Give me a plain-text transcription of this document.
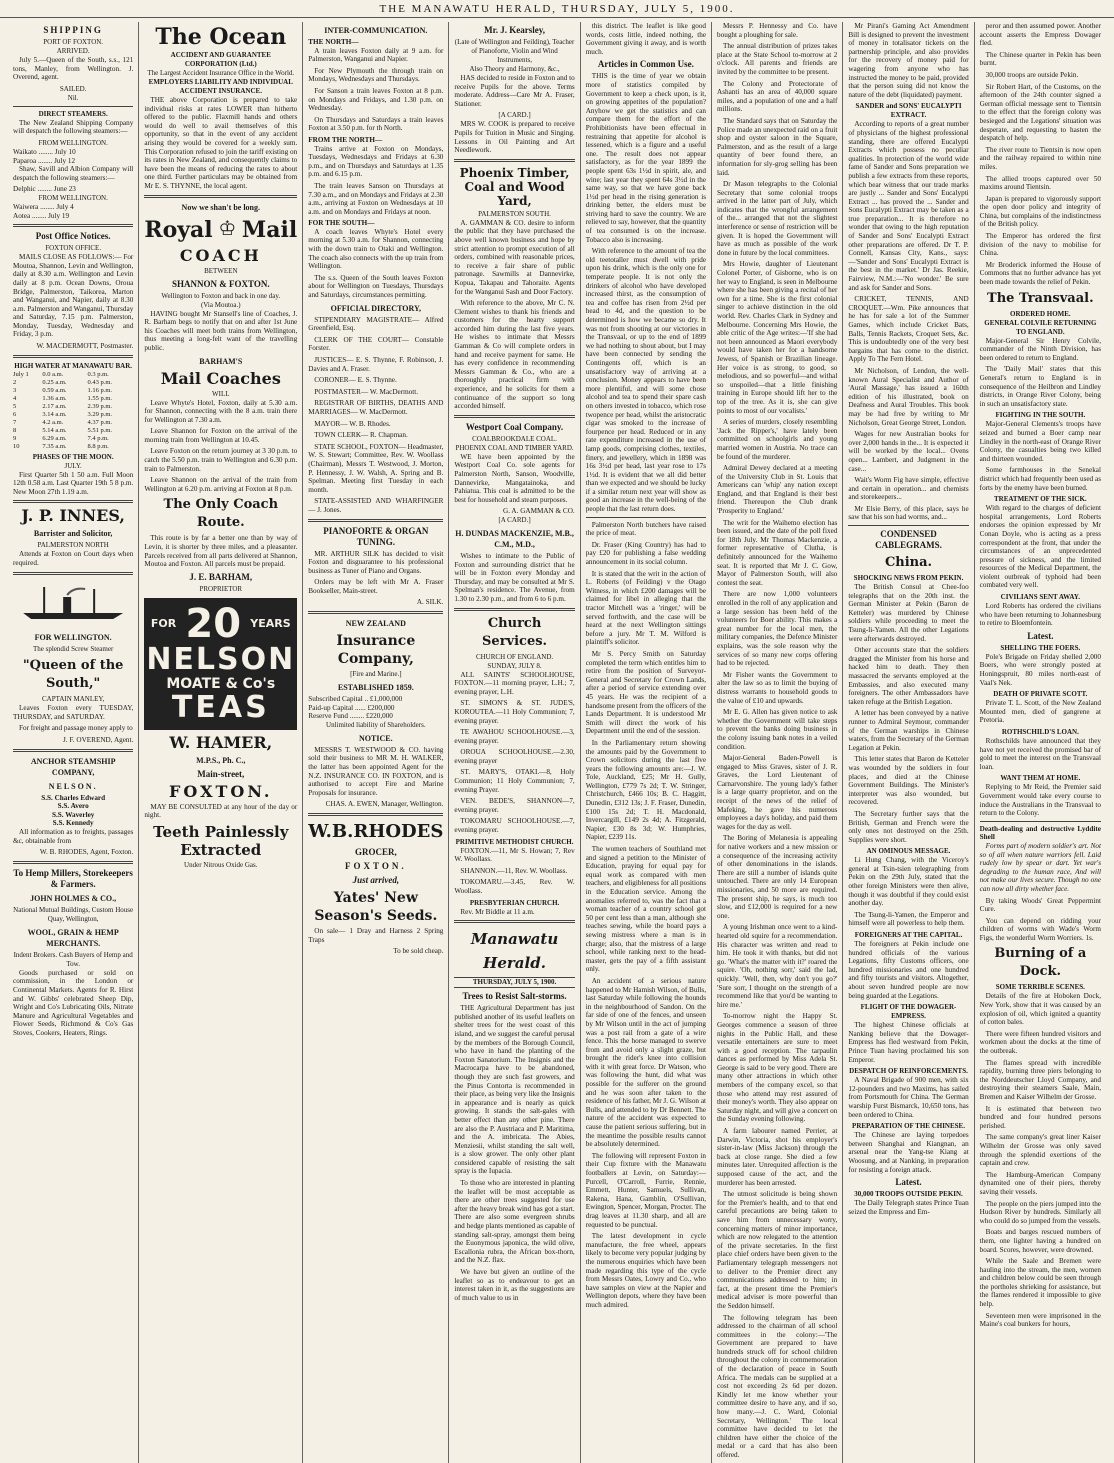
THE MANAWATU HERALD, THURSDAY, JULY 5, 1900.
SHIPPING
PORT OF FOXTON.
ARRIVED.

July 5.—Queen of the South, s.s., 121 tons, Manley, from Wellington. J. Overend, agent.

SAILED.
Nil.
DIRECT STEAMERS.

The New Zealand Shipping Company will despatch the following steamers:—

FROM WELLINGTON.
Waikato ........ July 10
Paparoa ........ July 12

Shaw, Savill and Albion Company will despatch the following steamers:—

Delphic ........ June 23
FROM WELLINGTON.
Waiwera ........ July 4
Aotea ........ July 19
Post Office Notices.
FOXTON OFFICE.

MAILS CLOSE AS FOLLOWS:— For Moutoa, Shannon, Levin and Wellington, daily at 8.30 a.m. Wellington and Levin daily at 8 p.m. Ocean Downs, Oroua Bridge, Palmerston, Taikorea, Marton and Wanganui, and Napier, daily at 8.30 a.m. Palmerston and Wanganui, Thursday and Saturday, 7.15 p.m. Palmerston, Monday, Tuesday, Wednesday and Friday, 3 p.m.

W. MACDERMOTT, Postmaster.
HIGH WATER AT MANAWATU BAR.
July 1	0.0 a.m.	0.3 p.m.
2	0.25 a.m.	0.43 p.m.
3	0.59 a.m.	1.16 p.m.
4	1.36 a.m.	1.55 p.m.
5	2.17 a.m.	2.39 p.m.
6	3.14 a.m.	3.29 p.m.
7	4.2 a.m.	4.37 p.m.
8	5.14 a.m.	5.51 p.m.
9	6.29 a.m.	7.4 p.m.
10	7.35 a.m.	8.8 p.m.
PHASES OF THE MOON.
JULY.

First Quarter 5th 1 50 a.m. Full Moon 12th 0.58 a.m. Last Quarter 19th 5 8 p.m. New Moon 27th 1.19 a.m.

J. P. INNES,
Barrister and Solicitor,
PALMERSTON NORTH

Attends at Foxton on Court days when required.

FOR WELLINGTON.
The splendid Screw Steamer
"Queen of the South,"
CAPTAIN MANLEY,

Leaves Foxton every TUESDAY, THURSDAY, and SATURDAY.

For freight and passage money apply to

J. F. OVEREND, Agent.
ANCHOR STEAMSHIP COMPANY,
NELSON.
S.S. Charles Edward
S.S. Avero
S.S. Waverley
S.S. Kennedy

All information as to freights, passages &c, obtainable from

W. B. RHODES, Agent, Foxton.
To Hemp Millers, Storekeepers & Farmers.
JOHN HOLMES & CO.,
National Mutual Buildings, Custom House Quay, Wellington,
WOOL, GRAIN & HEMP MERCHANTS.
Indent Brokers. Cash Buyers of Hemp and Tow.

Goods purchased or sold on commission, in the London or Continental Markets. Agents for R. Hirst and W. Gibbs' celebrated Sheep Dip, Wright and Co's Lubricating Oils, Nitrate Manure and Agricultural Vegetables and Flower Seeds, Richmond & Co's Gas Stoves, Cookers, Heaters, Rings.

The Ocean
ACCIDENT AND GUARANTEE CORPORATION (Ltd.)
The Largest Accident Insurance Office in the World.
EMPLOYERS LIABILITY AND INDIVIDUAL ACCIDENT INSURANCE.

THE above Corporation is prepared to take individual risks at rates LOWER than hitherto offered to the public. Flaxmill hands and others would do well to avail themselves of this opportunity, so that in the event of any accident arising they would be covered for a weekly sum. This Corporation refused to join the tariff existing on its rates in New Zealand, and consequently claims to have been the means of reducing the rates to about one third. Further particulars may be obtained from Mr E. S. THYNNE, the local agent.

Now we shan't be long.
Royal ♔ Mail
COACH
BETWEEN
SHANNON & FOXTON.
Wellington to Foxton and back in one day.
(Via Moutoa.)

HAVING bought Mr Stansell's line of Coaches, J. R. Barham begs to notify that on and after 1st June his Coaches will meet both trains from Wellington, thus meeting a long-felt want of the travelling public.

BARHAM'S
Mail Coaches
WILL

Leave Whyte's Hotel, Foxton, daily at 5.30 a.m. for Shannon, connecting with the 8 a.m. train there for Wellington at 7.30 a.m.

Leave Shannon for Foxton on the arrival of the morning train from Wellington at 10.45.

Leave Foxton on the return journey at 3 30 p.m. to catch the 5.50 p.m. train to Wellington and 6.30 p.m. train to Palmerston.

Leave Shannon on the arrival of the train from Wellington at 6.20 p.m. arriving at Foxton at 8 p.m.

The Only Coach Route.

This route is by far a better one than by way of Levin, it is shorter by three miles, and a pleasanter. Parcels received from all parts delivered at Shannon, Moutoa and Foxton. All parcels must be prepaid.

J. E. BARHAM,
PROPRIETOR
FOR 20 YEARS
NELSON
MOATE & Co's
TEAS
W. HAMER,
M.P.S., Ph. C.,
Main-street,
FOXTON.

MAY BE CONSULTED at any hour of the day or night.

Teeth Painlessly Extracted
Under Nitrous Oxide Gas.
INTER-COMMUNICATION.
THE NORTH—

A train leaves Foxton daily at 9 a.m. for Palmerston, Wanganui and Napier.

For New Plymouth the through train on Mondays, Wednesdays and Thursdays.

For Sanson a train leaves Foxton at 8 p.m. on Mondays and Fridays, and 1.30 p.m. on Wednesday.

On Thursdays and Saturdays a train leaves Foxton at 3.50 p.m. for th North.

FROM THE NORTH—

Trains arrive at Foxton on Mondays, Tuesdays, Wednesdays and Fridays at 6.30 p.m., and on Thursdays and Saturdays at 1.35 p.m. and 6.15 p.m.

The train leaves Sanson on Thursdays at 7.30 a.m., and on Mondays and Fridays at 2.30 a.m., arriving at Foxton on Wednesdays at 10 a.m. and on Mondays and Fridays at noon.

FOR THE SOUTH—

A coach leaves Whyte's Hotel every morning at 5.30 a.m. for Shannon, connecting with the down train to Otaki and Wellington. The coach also connects with the up train from Wellington.

The s.s. Queen of the South leaves Foxton about for Wellington on Tuesdays, Thursdays and Saturdays, circumstances permitting.

OFFICIAL DIRECTORY,

STIPENDIARY MAGISTRATE— Alfred Greenfield, Esq.

CLERK OF THE COURT— Constable Forster.

JUSTICES— E. S. Thynne, F. Robinson, J. Davies and A. Fraser.

CORONER— E. S. Thynne.

POSTMASTER— W. MacDermott.

REGISTRAR OF BIRTHS, DEATHS AND MARRIAGES— W. MacDermott.

MAYOR— W. B. Rhodes.

TOWN CLERK— R. Chapman.

STATE SCHOOL, FOXTON— Headmaster, W. S. Stewart; Committee, Rev. W. Woollass (Chairman), Messrs T. Westwood, J. Morton, P. Hennessy, J. W. Walsh, A. Spring and B. Spelman. Meeting first Tuesday in each month.

STATE-ASSISTED AND WHARFINGER— J. Jones.

PIANOFORTE & ORGAN TUNING.

MR. ARTHUR SILK has decided to visit Foxton and disguarantee to his professional business as Tuner of Piano and Organs.

Orders may be left with Mr A. Fraser Bookseller, Main-street.

A. SILK.
NEW ZEALAND
Insurance Company,
[Fire and Marine.]
ESTABLISHED 1859.
Subscribed Capital .. £1,000,000
Paid-up Capital ...... £200,000
Reserve Fund ........ £220,000
Unlimited liability of Shareholders.
NOTICE.

MESSRS T. WESTWOOD & CO. having sold their business to MR M. H. WALKER, the latter has been appointed Agent for the N.Z. INSURANCE CO. IN FOXTON, and is authorised to accept Fire and Marine Proposals for insurance.

CHAS. A. EWEN, Manager, Wellington.
W.B.RHODES
GROCER,
FOXTON.
Just arrived,
Yates' New Season's Seeds.

On sale— 1 Dray and Harness 2 Spring Traps

To be sold cheap.
Mr. J. Kearsley,
(Late of Wellington and Feilding), Teacher of Pianoforte, Violin and Wind Instruments,
Also Theory and Harmony, &c.,

HAS decided to reside in Foxton and to receive Pupils for the above. Terms moderate. Address—Care Mr A. Fraser, Stationer.

[A CARD.]

MRS W. COOK is prepared to receive Pupils for Tuition in Music and Singing. Lessons in Oil Painting and Art Needlework.

Phoenix Timber, Coal and Wood Yard,
PALMERSTON SOUTH.

A. GAMMAN & CO. desire to inform the public that they have purchased the above well known business and hope by strict attention to prompt execution of all orders, combined with reasonable prices, to receive a fair share of public patronage. Sawmills at Dannevirke, Kopua, Takapau and Tahoraite. Agents for the Wanganui Sash and Door Factory.

With reference to the above, Mr C. N. Clement wishes to thank his friends and customers for the hearty support accorded him during the last five years. He wishes to intimate that Messrs Gamman & Co will complete orders in hand and receive payment for same. He has every confidence in recommending Messrs Gamman & Co., who are a thoroughly practical firm with experience, and he solicits for them a continuance of the support so long accorded himself.

Westport Coal Company.
COALBROOKDALE COAL.
PHOENIX COAL AND TIMBER YARD.

WE have been appointed by the Westport Coal Co. sole agents for Palmerston North, Sanson, Woodville, Dannevirke, Mangatainoka, and Pahiatua. This coal is admitted to be the best for household and steam purposes.

G. A. GAMMAN & CO.
[A CARD.]
H. DUNDAS MACKENZIE, M.B., C.M., M.D.,

Wishes to intimate to the Public of Foxton and surrounding district that he will be in Foxton every Monday and Thursday, and may be consulted at Mr S. Spelman's residence. The Avenue, from 1.30 to 2.30 p.m., and from 6 to 6 p.m.

Church Services.
CHURCH OF ENGLAND.
SUNDAY, JULY 8.

ALL SAINTS' SCHOOLHOUSE, FOXTON.—11 morning prayer, L.H.; 7, evening prayer, L.H.

ST. SIMON'S & ST. JUDE'S, KOROUTEA.—11 Holy Communion; 7, evening prayer.

TE AWAHOU SCHOOLHOUSE.—3, evening prayer.

OROUA SCHOOLHOUSE.—2.30, evening prayer

ST. MARY'S, OTAKI.—8, Holy Communion; 11 Holy Communion; 7, evening Prayer.

VEN. BEDE'S, SHANNON—7, evening prayer.

TOKOMARU SCHOOLHOUSE.—7, evening prayer.

PRIMITIVE METHODIST CHURCH.

FOXTON.—11, Mr S. Howan; 7, Rev W. Woollass.

SHANNON.—11, Rev. W. Woollass.

TOKOMARU.—3.45, Rev. W. Woollass.

PRESBYTERIAN CHURCH.

Rev. Mr Biddle at 11 a.m.

Manawatu Herald.
THURSDAY, JULY 5, 1900.
Trees to Resist Salt-storms.

THE Agricultural Department has just published another of its useful leaflets on shelter trees for the west coast of this island, and we suggest the careful perusal by the members of the Borough Council, who have in hand the planting of the Foxton Sanatorium. The Insignis and the Macrocarpa have to be abandoned, though they are such fast growers, and the Pinus Contorta is recommended in their place, as being very like the Insignis in appearance and is nearly as quick growing. It stands the salt-gales with better effect than any other pine. There are also the P. Austriaca and P. Maritima, and the A. imbricata. The Abies, Menziesii, whilst standing the salt well, is a slow grower. The only other plant considered capable of resisting the salt spray is the Iupacia.

To those who are interested in planting the leaflet will be most acceptable as there are other trees suggested for use after the heavy break wind has got a start. There are also some evergreen shrubs and hedge plants mentioned as capable of standing salt-spray, amongst them being the Euonymous japonica, the wild olive, Escallonia rubra, the African box-thorn, and the N.Z. flax.

We have but given an outline of the leaflet so as to endeavour to get an interest taken in it, as the suggestions are of much value to us in

this district. The leaflet is like good words, costs little, indeed nothing, the Government giving it away, and is worth much.

Articles in Common Use.

THIS is the time of year we obtain more of statistics compiled by Government to keep a check upon, is it, on growing appetites of the population? Anyhow we get the statistics and can compare them for the effort of the Prohibitionists have been effectual in restraining that appetite for alcohol is lessened, which is a figure and a useful one. The result does not appear satisfactory, as for the year 1899 the people spent 63s 1½d in spirit, ale, and wine; last year they spent 64s 3½d in the same way, so that we have gone back 1½d per head in the rising generation is drinking better, the elders must be striving hard to save the country. We are relieved to say, however, that the quantity of tea consumed is on the increase. Tobacco also is increasing.

With reference to the amount of tea the old teetotaller must dwell with pride upon his drink, which is the only one for temperate people. It is not only the drinkers of alcohol who have developed increased thirst, as the consumption of tea and coffee has risen from 2½d per head to 4d, and the question to be determined is how we became so dry. It was not from shooting at our victories in the Transvaal, or up to the end of 1899 we had nothing to shout about, but I may have been connected by sending the Contingents off, which is an unsatisfactory way of arriving at a conclusion. Money appears to have been more plentiful, and will some chose alcohol and tea to spend their spare cash on others invested in tobacco, which rose twopence per head, whilst the aristocratic cigar was smoked to the increase of fourpence per head. Reduced or in any rate expenditure increased in the use of lamp goods, comprising clothes, textiles, finery, and jewellery, which in 1898 was 16s 3½d per head, last year rose to 17s 1½d. It is evident that we all did better than we expected and we should be lucky if a similar return next year will show as good an increase in the well-being of the people that the last return does.

Palmerston North butchers have raised the price of meat.

Dr. Fraser (King Country) has had to pay £20 for publishing a false wedding announcement in its social column.

It is stated that the writ in the action of L. Roberts (of Feilding) v the Otago Witness, in which £200 damages will be claimed for libel in alleging that the tractor Mitchell was a 'ringer,' will be served forthwith, and the case will be heard at the next Wellington sittings before a jury. Mr T. M. Wilford is plaintiff's solicitor.

Mr S. Percy Smith on Saturday completed the term which entitles him to retire from the position of Surveyor-General and Secretary for Crown Lands, after a period of service extending over 45 years. He was the recipient of a handsome present from the officers of the Lands Department. It is understood Mr Smith will direct the work of his Department until the end of the session.

In the Parliamentary return showing the amounts paid by the Government to Crown solicitors during the last five years the following amounts are:—J. W. Tole, Auckland, £25; Mr H. Gully, Wellington, £779 7s 2d; T. W. Stringer, Christchurch, £466 10s; B. C. Haggitt, Dunedin, £312 13s; J. F. Fraser, Dunedin, £100 15s 2d; T. H. Macdonald, Invercargill, £149 2s 4d; A. Fitzgerald, Napier, £30 8s 3d; W. Humphries, Napier, £239 11s.

The women teachers of Southland met and signed a petition to the Minister of Education, praying for equal pay for equal work as compared with men teachers, and eligibleness for all positions in the Education service. Among the anomalies referred to, was the fact that a woman teacher of a country school got 50 per cent less than a man, although she teaches sewing, while the board pays a sewing mistress where a man is in charge; also, that the mistress of a large school, while ranking next to the head-master, gets the pay of a fifth assistant only.

An accident of a serious nature happened to Mr Hamish Wilson, of Bulls, last Saturday while following the hounds in the neighbourhood of Sandon. On the far side of one of the fences, and unseen by Mr Wilson until in the act of jumping was a post rail from a gate of a wire fence. This the horse managed to swerve from and avoid only a slight graze, but brought the rider's knee into collision with it with great force. Dr Watson, who was following the hunt, did what was possible for the sufferer on the ground and he was soon after taken to the residence of his father, Mr J. G. Wilson at Bulls, and attended to by Dr Bennett. The nature of the accident was expected to cause the patient serious suffering, but in the meantime the possible results cannot be absolutely determined.

The following will represent Foxton in their Cup fixture with the Manawatu footballers at Levin, on Saturday:—Purcell, O'Carroll, Furrie, Rennie, Emmett, Hunter, Samuels, Sullivan, Rakena, Hana, Gamblin, O'Sullivan, Ewington, Spencer, Morgan, Procter. The drag leaves at 11.30 sharp, and all are requested to be punctual.

The latest development in cycle manufacture, the free wheel, appears likely to become very popular judging by the numerous enquiries which have been made regarding this type of the cycle from Messrs Oates, Lowry and Co., who have samples on view at the Napier and Wellington depots, where they have been much admired.

Messrs P. Hennessy and Co. have bought a ploughing for sale.

The annual distribution of prizes takes place at the State School to-morrow at 2 o'clock. All parents and friends are invited by the committee to be present.

The Colony and Protectorate of Ashanti has an area of 40,000 square miles, and a population of one and a half millions.

The Standard says that on Saturday the Police made an unexpected raid on a fruit shop and oyster saloon in the Square, Palmerston, and as the result of a large quantity of beer found there, an information for sly-grog selling has been laid.

Dr Mason telegraphs to the Colonial Secretary that some colonial troops arrived in the latter part of July, which indicates that the wrongful arrangement of the... arranged that not the slightest interference or sense of restriction will be given. It is hoped the Government will have as much as possible of the work done in future by the local committees.

Mrs Howie, daughter of Lieutenant Colonel Porter, of Gisborne, who is on her way to England, is seen in Melbourne where she has been giving a recital of her own for a time. She is the first colonial singer to achieve distinction in the old world. Rev. Charles Clark in Sydney and Melbourne. Concerning Mrs Howie, the able critic of the Age writes:—'If she had not been announced as Maori everybody would have taken her for a handsome Jewess, of Spanish or Brazilian lineage. Her voice is as strong, to good, so melodious, and so powerful—and withal so unspoiled—that a little finishing training in Europe should lift her to the top of the tree. As it is, she can give points to most of our vocalists.'

A series of murders, closely resembling 'Jack the Ripper's,' have lately been committed on schoolgirls and young married women in Austria. No trace can be found of the murderer.

Admiral Dewey declared at a meeting of the University Club in St. Louis that Americans can 'whip' any nation except England, and that England is their best friend. Thereupon the Club drank 'Prosperity to England.'

The writ for the Waihemo election has been issued, and the date of the poll fixed for 18th July. Mr Thomas Mackenzie, a former representative of Clutha, is definitely announced for the Waihemo seat. It is reported that Mr J. C. Gow, Mayor of Palmerston South, will also contest the seat.

There are now 1,000 volunteers enrolled in the roll of any application and a large session has been held of the volunteers for Boer ability. This makes a great number for the local men, the military companies, the Defence Minister explains, was the sole reason why the services of so many new corps offering had to be rejected.

Mr Fisher wants the Government to alter the law so as to limit the buying of distress warrants to household goods to the value of £10 and upwards.

Mr E. G. Allen has given notice to ask whether the Government will take steps to prevent the banks doing business in the colony issuing bank notes in a veiled condition.

Major-General Baden-Powell is engaged to Miss Graves, sister of J. R. Graves, the Lord Lieutenant of Carnarvonshire. The young lady's father is a large quarry proprietor, and on the receipt of the news of the relief of Mafeking, he gave his numerous employees a day's holiday, and paid them wages for the day as well.

The Boring of Melanesia is appealing for native workers and a new mission or a consequence of the increasing activity of other denominations in the islands. There are still a number of islands quite untouched. There are only 14 European missionaries, and 50 more are required. The present ship, he says, is much too slow, and £12,000 is required for a new one.

A young Irishman once went to a kind-hearted old squire for a recommendation. His character was written and read to him. He took it with thanks, but did not go. 'What's the matter with it?' roared the squire. 'Oh, nothing sorr,' said the lad, quickly. 'Well, then, why don't you go?' 'Sure sorr, I thought on the strength of a recommend like that you'd be wanting to hire me.'

To-morrow night the Happy St. Georges commence a season of three nights in the Public Hall, and these versatile entertainers are sure to meet with a good reception. The tarpaulin dances as performed by Miss Adela St. George is said to be very good. There are many other attractions in which other members of the company excel, so that those who attend may rest assured of their money's worth. They also appear on Saturday night, and will give a concert on the Sunday evening following.

A farm labourer named Perrier, at Darwin, Victoria, shot his employer's sister-in-law (Miss Jackson) through the back at close range. She died a few minutes later. Unrequited affection is the supposed cause of the act, and the murderer has been arrested.

The utmost solicitude is being shown for the Premier's health, and to that end careful precautions are being taken to save him from unnecessary worry, concerning matters of minor importance, which are now relegated to the attention of the private secretaries. In the first place chief orders have been given to the Parliamentary telegraph messengers not to deliver to the Premier direct any communications addressed to him; in fact, at the present time the Premier's medical adviser is more powerful than the Seddon himself.

The following telegram has been addressed to the chairman of all school committees in the colony:—'The Government are prepared to have hundreds struck off for school children throughout the colony in commemoration of the declaration of peace in South Africa. The medals can be supplied at a cost not exceeding 2s 6d per dozen. Kindly let me know whether your committee desire to have any, and if so, how many.—J. C. Ward, Colonial Secretary, Wellington.' The local committee have decided to let the children have either the choice of the medal or a card that has also been offered.

Mr Pirani's Gaming Act Amendment Bill is designed to prevent the investment of money in totalisator tickets on the partnership principle, and also provides for the recovery of money paid for wagering from anyone who has instructed the money to be paid, provided that the person suing did not know the nature of the debt (liquidated) payment.

SANDER and SONS' EUCALYPTI EXTRACT.

According to reports of a great number of physicians of the highest professional standing, there are offered Eucalypti Extracts which possess no peculiar qualities. In protection of the world wide fame of Sander and Sons preparation we publish a few extracts from these reports, which bear witness that our trade marks are justly ... Sander and Sons' Eucalypti Extract ... has proved the ... Sander and Sons Eucalypti Extract may be taken as a true preparation... It is therefore no wonder that owing to the high reputation of Sander and Sons' Eucalypti Extract other preparations are offered. Dr T. P. Connell, Kansas City, Kans., says:—'Sander and Sons' Eucalypti Extract is the best in the market.' Dr Jas. Reekie, Fairview, N.M.:—'No wonder.' Be sure and ask for Sander and Sons.

CRICKET, TENNIS, AND CROQUET.—Wm. Pike announces that he has for sale a lot of the Summer Games, which include Cricket Bats, Balls, Tennis Rackets, Croquet Sets, &c. This is undoubtedly one of the very best bargains that has come to the district. Apply To The Fern Hotel.

Mr Nicholson, of Lendon, the well-known Aural Specialist and Author of 'Aural Massage,' has issued a 160th edition of his illustrated, book on Deafness and Aural Troubles. This book may be had free by writing to Mr Nicholson, Great George Street, London.

Wages for new Australian books for over 2,000 hands in the... It is expected it will be worked by the local... Ovens open... Lambert, and Judgment in the case...

Wait's Worm Fig have simple, effective and certain in operation... and chemists and storekeepers...

Mr Elsie Berry, of this place, says he saw that his son had worms, and...

CONDENSED CABLEGRAMS.
China.
SHOCKING NEWS FROM PEKIN.

The British Consul at Chee-foo telegraphs that on the 20th inst. the German Minister at Pekin (Baron de Ketteler) was murdered by Chinese soldiers while proceeding to meet the Tsung-li-Yamen. All the other Legations were afterwards destroyed.

Other accounts state that the soldiers dragged the Minister from his horse and hacked him to death. They then massacred the servants employed at the Embassies, and also executed many foreigners. The other Ambassadors have taken refuge at the British Legation.

A letter has been conveyed by a native runner to Admiral Seymour, commander of the German warships in Chinese waters, from the Secretary of the German Legation at Pekin.

This letter states that Baron de Ketteler was wounded by the soldiers in four places, and died at the Chinese Government Buildings. The Minister's interpreter was also wounded, but recovered.

The Secretary further says that the British, German and French were the only ones not destroyed on the 25th. Supplies were short.

AN OMINOUS MESSAGE.

Li Hung Chang, with the Viceroy's general at Tsin-tsien telegraphing from Pekin on the 29th July, stated that the other foreign Ministers were then alive, though it was doubtful if they could exist another day.

The Tsung-li-Yamen, the Emperor and himself were all powerless to help them.

FOREIGNERS AT THE CAPITAL.

The foreigners at Pekin include one hundred officials of the various Legations, fifty Customs officers, one hundred missionaries and one hundred and fifty tourists and visitors. Altogether, about seven hundred people are now being guarded at the Legations.

FLIGHT OF THE DOWAGER-EMPRESS.

The highest Chinese officials at Nanking believe that the Dowager-Empress has fled westward from Pekin, Prince Tuan having proclaimed his son Emperor.

DESPATCH OF REINFORCEMENTS.

A Naval Brigade of 900 men, with six 12-pounders and two Maxims, has sailed from Portsmouth for China. The German warship Furst Bismarck, 10,650 tons, has been ordered to China.

PREPARATION OF THE CHINESE.

The Chinese are laying torpedoes between Shanghai and Kiangnan, an arsenal near the Yang-tse Kiang at Woosung, and at Nanking, in preparation for resisting a foreign attack.

Latest.
30,000 TROOPS OUTSIDE PEKIN.

The Daily Telegraph states Prince Tuan seized the Empress and Em-

peror and then assumed power. Another account asserts the Empress Dowager fled.

The Chinese quarter in Pekin has been burnt.

30,000 troops are outside Pekin.

Sir Robert Hart, of the Customs, on the afternoon of the 24th counter signed a German official message sent to Tientsin to the effect that the foreign colony was besieged and the Legations' situation was desperate, and requesting to hasten the despatch of help.

The river route to Tientsin is now open and the railway repaired to within nine miles.

The allied troops captured over 50 maxims around Tientsin.

Japan is prepared to vigorously support the open door policy and integrity of China, but complains of the indistinctness of the British policy.

The Emperor has ordered the first division of the navy to mobilise for China.

Mr Broderick informed the House of Commons that no further advance has yet been made towards the relief of Pekin.

The Transvaal.
ORDERED HOME.
GENERAL COLVILE RETURNING TO ENGLAND.

Major-General Sir Henry Colvile, commander of the Ninth Division, has been ordered to return to England.

The 'Daily Mail' states that this General's return to England is in consequence of the Heilbron and Lindley districts, in Orange River Colony, being in such an unsatisfactory state.

FIGHTING IN THE SOUTH.

Major-General Clements's troops have seized and burned a Boer camp near Lindley in the north-east of Orange River Colony, the casualties being two killed and thirteen wounded.

Some farmhouses in the Senekal district which had frequently been used as forts by the enemy have been burned.

TREATMENT OF THE SICK.

With regard to the charges of deficient hospital arrangements, Lord Roberts endorses the opinion expressed by Mr Conan Doyle, who is acting as a press correspondent at the front, that under the circumstances of an unprecedented pressure of sickness, and the limited resources of the Medical Department, the violent outbreak of typhoid had been combated very well.

CIVILIANS SENT AWAY.

Lord Roberts has ordered the civilians who have been returning to Johannesburg to retire to Bloemfontein.

Latest.
SHELLING THE FOERS.

Pole's Brigade on Friday shelled 2,000 Boers, who were strongly posted at Honingspruit, 80 miles north-east of Vaal's Nek.

DEATH OF PRIVATE SCOTT.

Private T. L. Scott, of the New Zealand Mounted men, died of gangrene at Pretoria.

ROTHSCHILD'S LOAN.

Rothschilds have announced that they have not yet received the promised bar of gold to meet the interest on the Transvaal loan.

WANT THEM AT HOME.

Replying to Mr Reid, the Premier said Government would take every course to induce the Australians in the Transvaal to return to the Colony.

Death-dealing and destructive Lyddite Shell

Forms part of modern soldier's art. Not so of all when nature warriors fell. Laid rudely low by spear or dart. Yet war's degrading to the human race, And will not make our lives secure. Though no one can now all dirty whether face.

By taking Woods' Great Peppermint Cure.

You can depend on ridding your children of worms with Wade's Worm Figs, the wonderful Worm Worriers. 1s.

Burning of a Dock.
SOME TERRIBLE SCENES.

Details of the fire at Hoboken Dock, New York, show that it was caused by an explosion of oil, which ignited a quantity of cotton bales.

There were fifteen hundred visitors and workmen about the docks at the time of the outbreak.

The flames spread with incredible rapidity, burning three piers belonging to the Norddeutscher Lloyd Company, and destroying their steamers Saale, Main, Bremen and Kaiser Wilhelm der Grosse.

It is estimated that between two hundred and four hundred persons perished.

The same company's great liner Kaiser Wilhelm der Grosse was only saved through the splendid exertions of the captain and crew.

The Hamburg-American Company dynamited one of their piers, thereby saving their vessels.

The people on the piers jumped into the Hudson River by hundreds. Similarly all who could do so jumped from the vessels.

Boats and barges rescued numbers of them, one lighter having a hundred on board. Scores, however, were drowned.

While the Saale and Bremen were hauling into the stream, the men, women and children below could be seen through the portholes shrieking for assistance, but the flames rendered it impossible to give help.

Seventeen men were imprisoned in the Maine's coal bunkers for hours,
